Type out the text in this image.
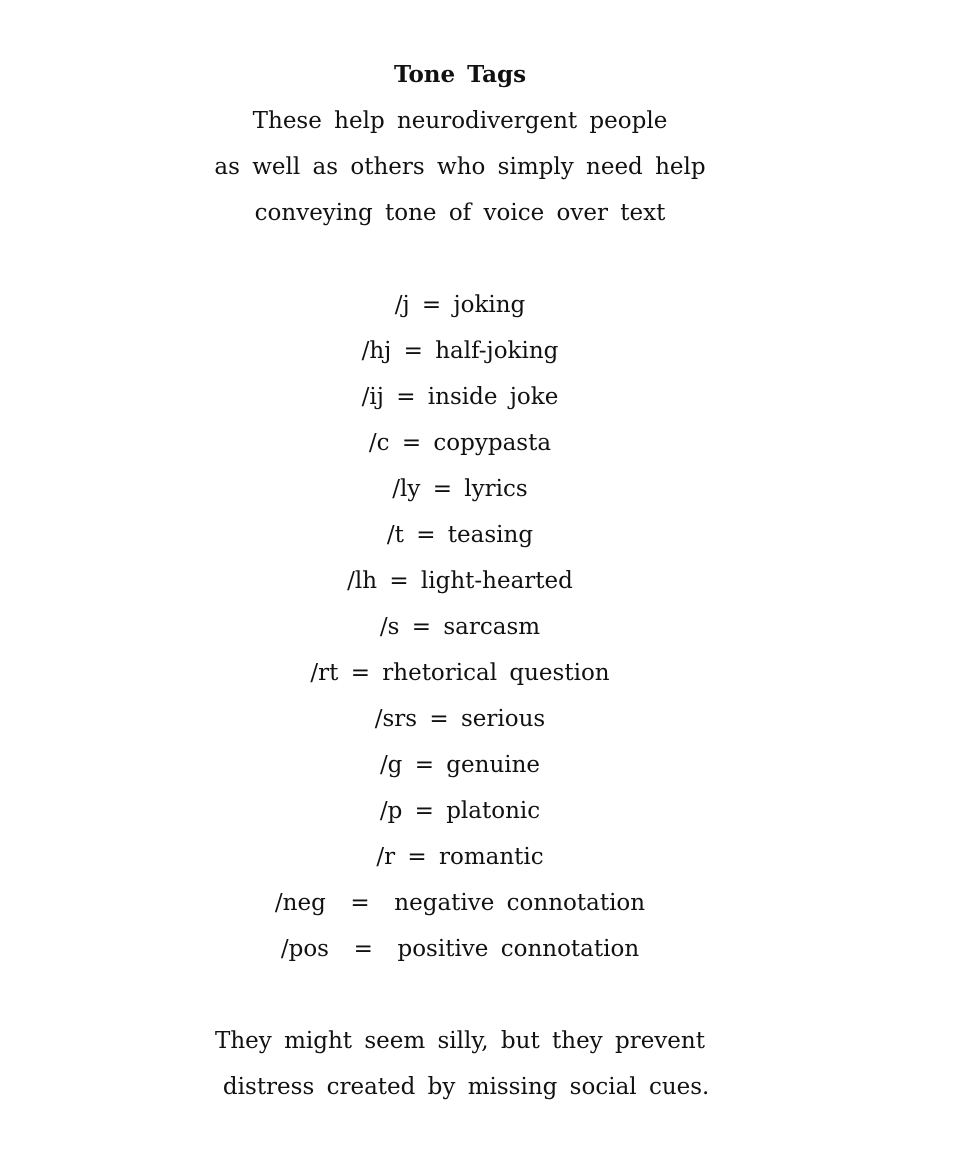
Tone Tags
These help neurodivergent people
as well as others who simply need help
conveying tone of voice over text
/j = joking
/hj = half-joking
/ij = inside joke
/c = copypasta
/ly = lyrics
/t = teasing
/lh = light-hearted
/s = sarcasm
/rt = rhetorical question
/srs = serious
/g = genuine
/p = platonic
/r = romantic
/neg  =  negative connotation
/pos  =  positive connotation
They might seem silly, but they prevent
distress created by missing social cues.
